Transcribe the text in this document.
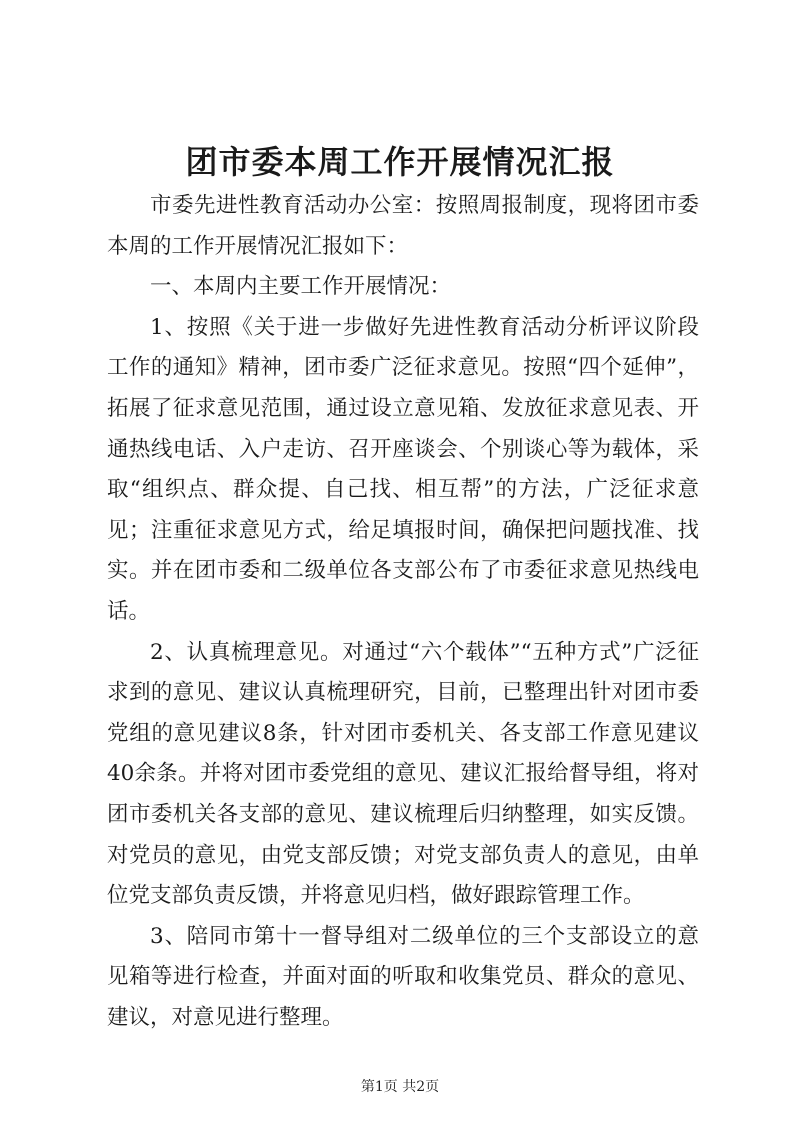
团市委本周工作开展情况汇报

市委先进性教育活动办公室：按照周报制度，现将团市委本周的工作开展情况汇报如下：

一、本周内主要工作开展情况：

1、按照《关于进一步做好先进性教育活动分析评议阶段工作的通知》精神，团市委广泛征求意见。按照“四个延伸”，拓展了征求意见范围，通过设立意见箱、发放征求意见表、开通热线电话、入户走访、召开座谈会、个别谈心等为载体，采取“组织点、群众提、自己找、相互帮”的方法，广泛征求意见；注重征求意见方式，给足填报时间，确保把问题找准、找实。并在团市委和二级单位各支部公布了市委征求意见热线电话。

2、认真梳理意见。对通过“六个载体”“五种方式”广泛征求到的意见、建议认真梳理研究，目前，已整理出针对团市委党组的意见建议8条，针对团市委机关、各支部工作意见建议40余条。并将对团市委党组的意见、建议汇报给督导组，将对团市委机关各支部的意见、建议梳理后归纳整理，如实反馈。对党员的意见，由党支部反馈；对党支部负责人的意见，由单位党支部负责反馈，并将意见归档，做好跟踪管理工作。

3、陪同市第十一督导组对二级单位的三个支部设立的意见箱等进行检查，并面对面的听取和收集党员、群众的意见、建议，对意见进行整理。

第1页 共2页
